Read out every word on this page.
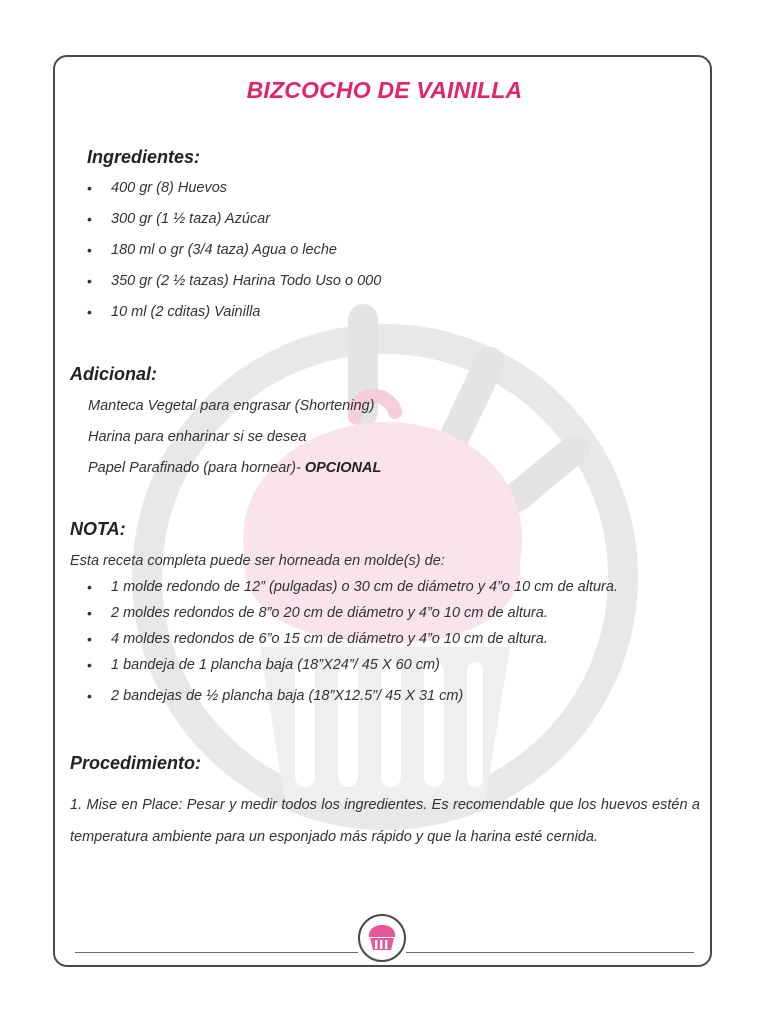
BIZCOCHO DE VAINILLA
Ingredientes:
• 400 gr (8) Huevos
• 300 gr (1 ½ taza) Azúcar
• 180 ml o gr (3/4 taza) Agua o leche
• 350 gr (2 ½ tazas) Harina Todo Uso o 000
• 10 ml (2 cditas) Vainilla
Adicional:
Manteca Vegetal para engrasar (Shortening)
Harina para enharinar si se desea
Papel Parafinado (para hornear)- OPCIONAL
NOTA:
Esta receta completa puede ser horneada en molde(s) de:
• 1 molde redondo de 12” (pulgadas) o 30 cm de diámetro y 4”o 10 cm de altura.
• 2 moldes redondos de 8”o 20 cm de diámetro y 4”o 10 cm de altura.
• 4 moldes redondos de 6”o 15 cm de diámetro y 4”o 10 cm de altura.
• 1 bandeja de 1 plancha baja (18”X24”/ 45 X 60 cm)
• 2 bandejas de ½ plancha baja (18”X12.5”/ 45 X 31 cm)
Procedimiento:
1. Mise en Place: Pesar y medir todos los ingredientes. Es recomendable que los huevos estén a temperatura ambiente para un esponjado más rápido y que la harina esté cernida.
